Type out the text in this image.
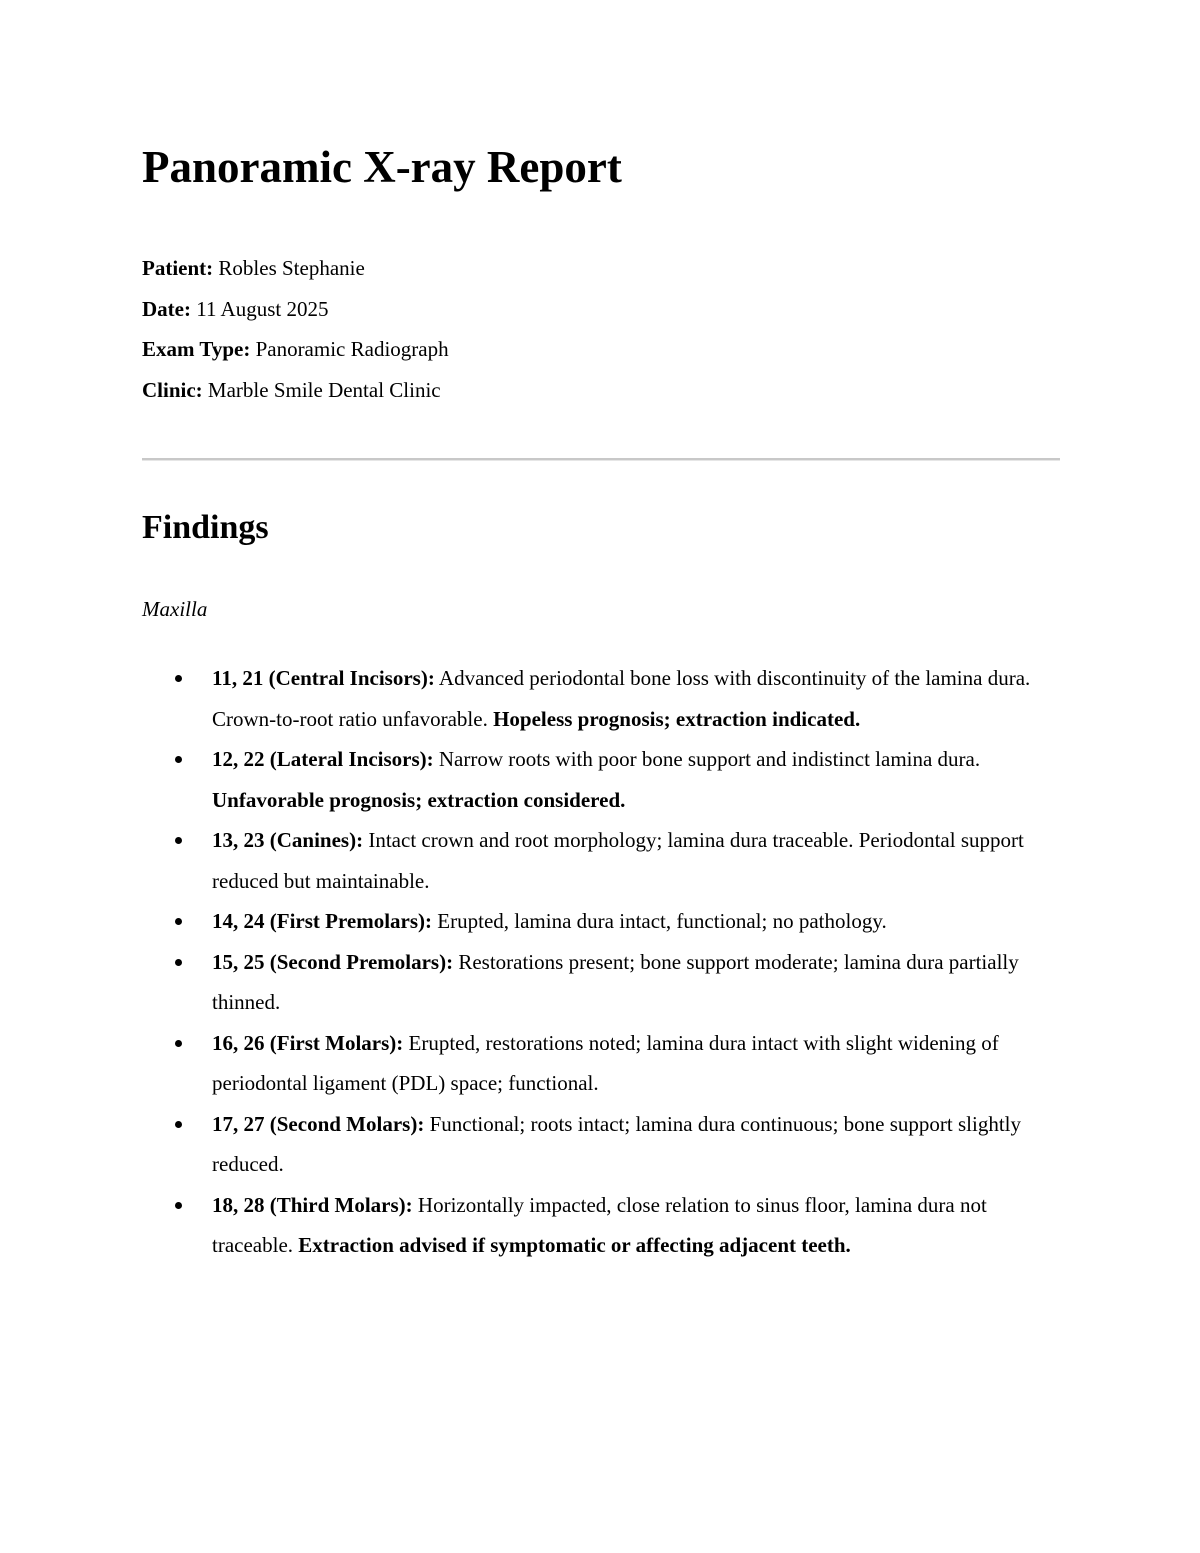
Panoramic X-ray Report
Patient: Robles Stephanie
Date: 11 August 2025
Exam Type: Panoramic Radiograph
Clinic: Marble Smile Dental Clinic
Findings
Maxilla
11, 21 (Central Incisors): Advanced periodontal bone loss with discontinuity of the lamina dura. Crown-to-root ratio unfavorable. Hopeless prognosis; extraction indicated.
12, 22 (Lateral Incisors): Narrow roots with poor bone support and indistinct lamina dura. Unfavorable prognosis; extraction considered.
13, 23 (Canines): Intact crown and root morphology; lamina dura traceable. Periodontal support reduced but maintainable.
14, 24 (First Premolars): Erupted, lamina dura intact, functional; no pathology.
15, 25 (Second Premolars): Restorations present; bone support moderate; lamina dura partially thinned.
16, 26 (First Molars): Erupted, restorations noted; lamina dura intact with slight widening of periodontal ligament (PDL) space; functional.
17, 27 (Second Molars): Functional; roots intact; lamina dura continuous; bone support slightly reduced.
18, 28 (Third Molars): Horizontally impacted, close relation to sinus floor, lamina dura not traceable. Extraction advised if symptomatic or affecting adjacent teeth.
